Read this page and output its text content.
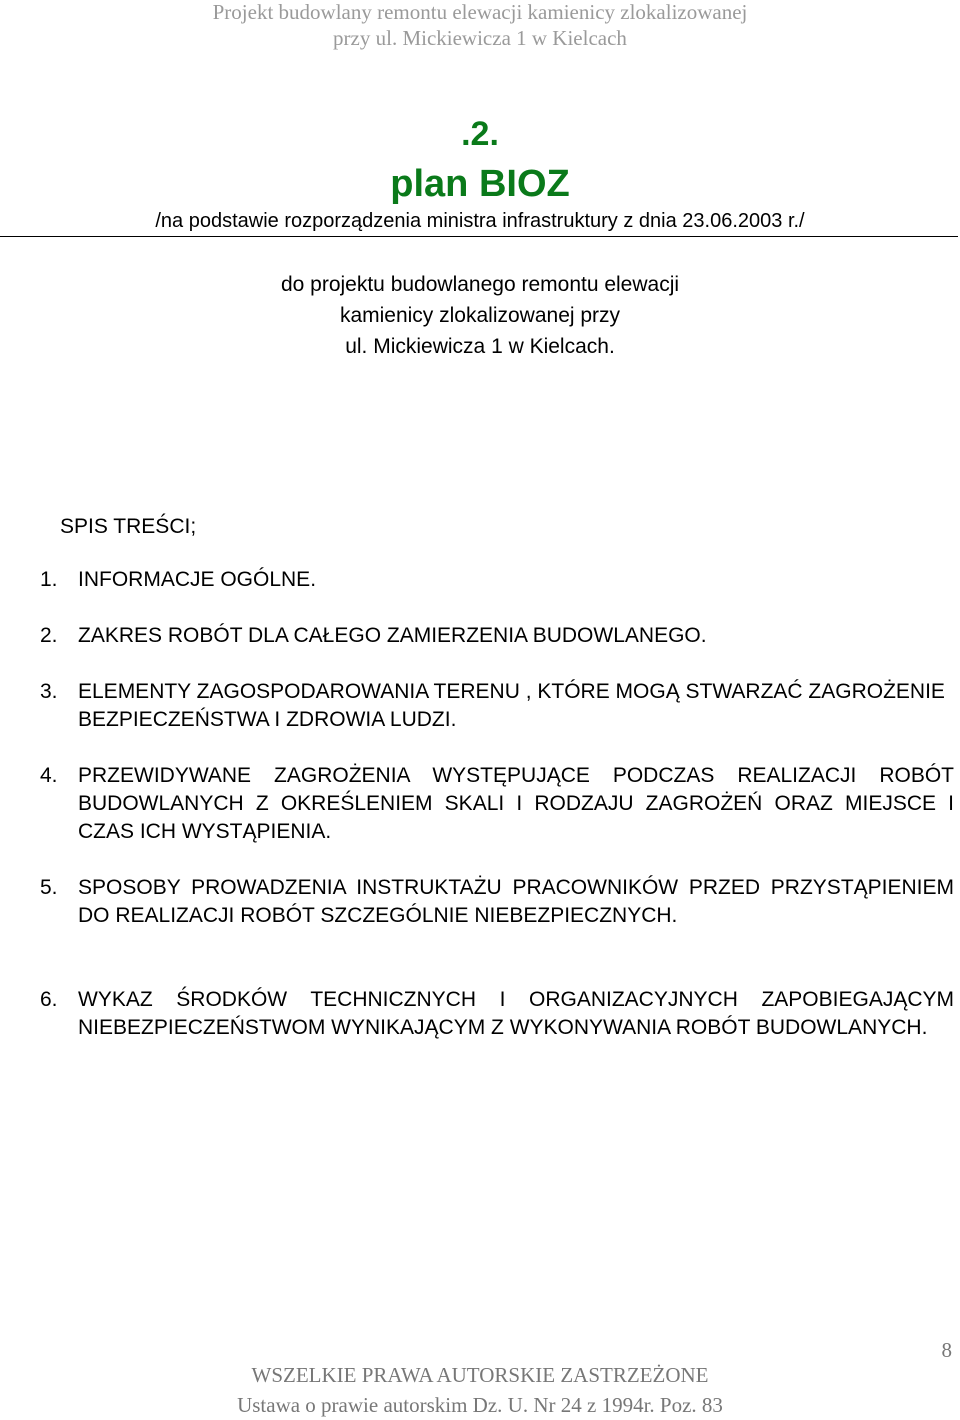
Projekt budowlany remontu elewacji kamienicy zlokalizowanej
przy ul. Mickiewicza 1 w Kielcach
.2.
plan BIOZ
/na podstawie rozporządzenia ministra infrastruktury z dnia 23.06.2003 r./
do projektu budowlanego remontu elewacji
kamienicy zlokalizowanej przy
ul. Mickiewicza 1 w Kielcach.
SPIS TREŚCI;
1. INFORMACJE OGÓLNE.
2. ZAKRES ROBÓT DLA CAŁEGO ZAMIERZENIA BUDOWLANEGO.
3. ELEMENTY ZAGOSPODAROWANIA TERENU , KTÓRE MOGĄ STWARZAĆ ZAGROŻENIE BEZPIECZEŃSTWA I ZDROWIA LUDZI.
4. PRZEWIDYWANE ZAGROŻENIA WYSTĘPUJĄCE PODCZAS REALIZACJI ROBÓT BUDOWLANYCH Z OKREŚLENIEM SKALI I RODZAJU ZAGROŻEŃ ORAZ MIEJSCE I CZAS ICH WYSTĄPIENIA.
5. SPOSOBY PROWADZENIA INSTRUKTAŻU PRACOWNIKÓW PRZED PRZYSTĄPIENIEM DO REALIZACJI ROBÓT SZCZEGÓLNIE NIEBEZPIECZNYCH.
6. WYKAZ ŚRODKÓW TECHNICZNYCH I ORGANIZACYJNYCH ZAPOBIEGAJĄCYM NIEBEZPIECZEŃSTWOM WYNIKAJĄCYM Z WYKONYWANIA ROBÓT BUDOWLANYCH.
8
WSZELKIE PRAWA AUTORSKIE ZASTRZEŻONE
Ustawa o prawie autorskim Dz. U. Nr 24 z 1994r. Poz. 83
